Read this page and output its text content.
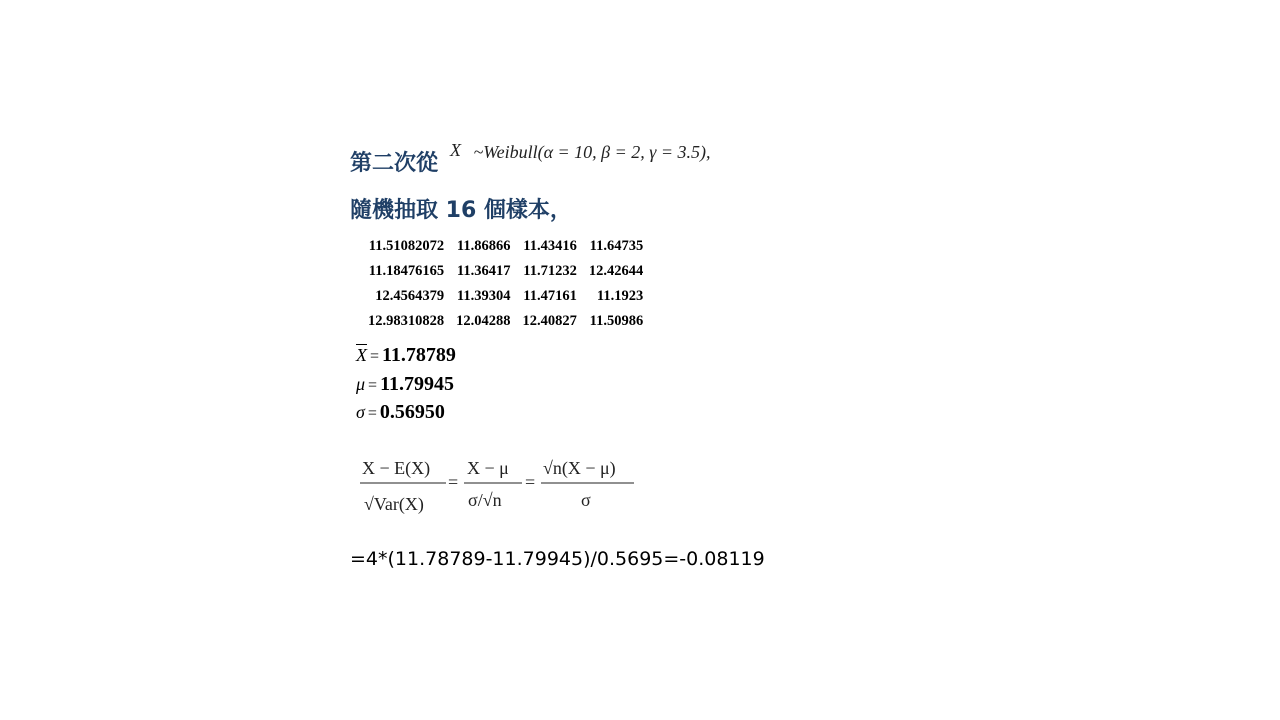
第二次從
X ~Weibull(α = 10, β = 2, γ = 3.5),
隨機抽取 16 個樣本，
11.51082072	11.86866	11.43416	11.64735
11.18476165	11.36417	11.71232	12.42644
12.4564379	11.39304	11.47161	11.1923
12.98310828	12.04288	12.40827	11.50986
$\overline{X} = 11.78789$
μ = 11.79945
σ = 0.56950
X − E(X)
√Var(X)
=
X − μ
σ/√n
=
√n(X − μ)
σ
=4*(11.78789-11.79945)/0.5695=-0.08119
